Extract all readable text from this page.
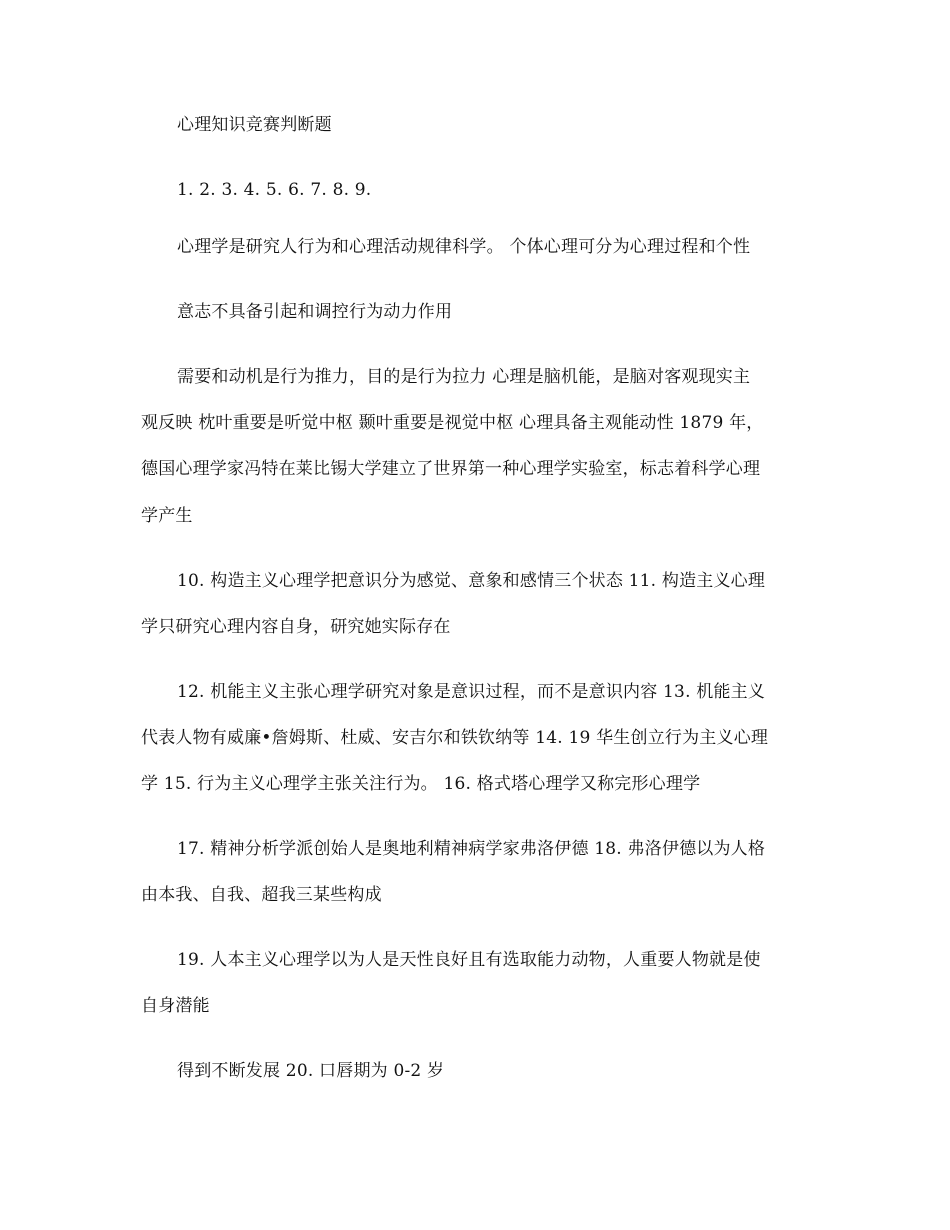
心理知识竞赛判断题
1. 2. 3. 4. 5. 6. 7. 8. 9.
心理学是研究人行为和心理活动规律科学。 个体心理可分为心理过程和个性
意志不具备引起和调控行为动力作用
需要和动机是行为推力，目的是行为拉力 心理是脑机能，是脑对客观现实主
观反映 枕叶重要是听觉中枢 颞叶重要是视觉中枢 心理具备主观能动性 1879 年，
德国心理学家冯特在莱比锡大学建立了世界第一种心理学实验室，标志着科学心理
学产生
10. 构造主义心理学把意识分为感觉、意象和感情三个状态 11. 构造主义心理
学只研究心理内容自身，研究她实际存在
12. 机能主义主张心理学研究对象是意识过程，而不是意识内容 13. 机能主义
代表人物有威廉•詹姆斯、杜威、安吉尔和铁钦纳等 14. 19 华生创立行为主义心理
学 15. 行为主义心理学主张关注行为。 16. 格式塔心理学又称完形心理学
17. 精神分析学派创始人是奥地利精神病学家弗洛伊德 18. 弗洛伊德以为人格
由本我、自我、超我三某些构成
19. 人本主义心理学以为人是天性良好且有选取能力动物，人重要人物就是使
自身潜能
得到不断发展 20. 口唇期为 0-2 岁
